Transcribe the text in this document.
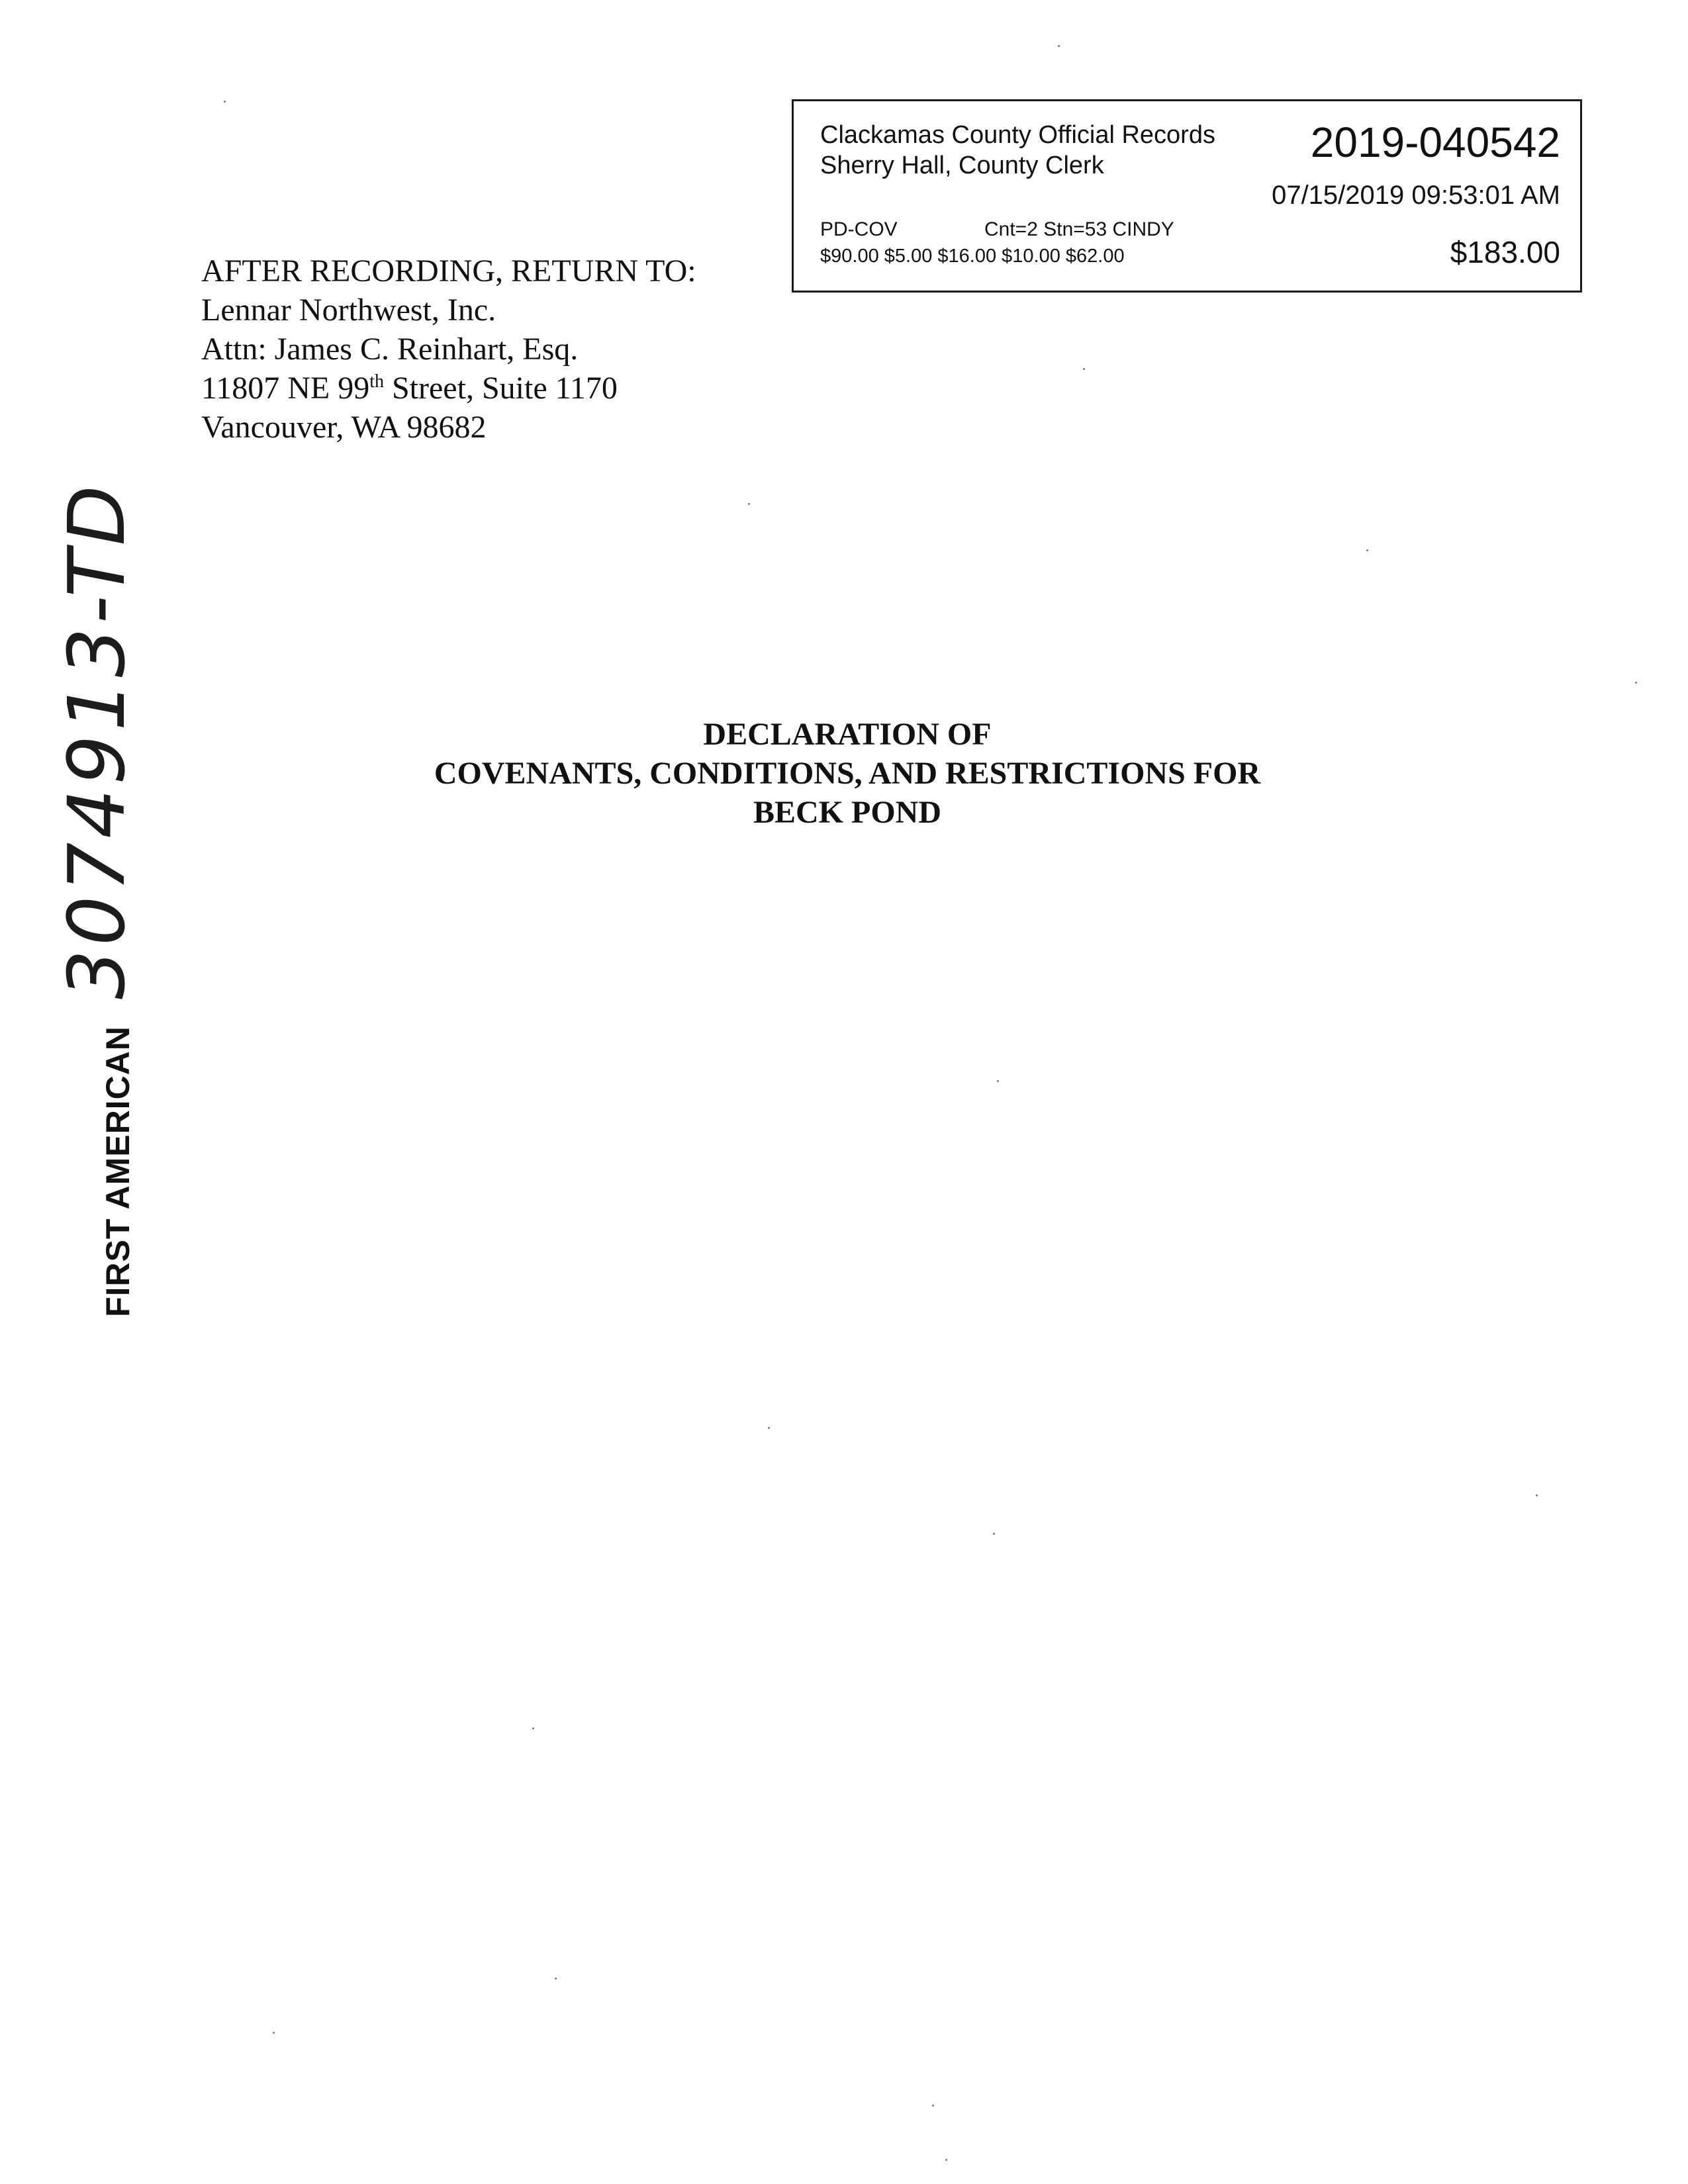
Clackamas County Official Records
Sherry Hall, County Clerk	2019-040542
07/15/2019 09:53:01 AM
PD-COV	Cnt=2 Stn=53 CINDY
$90.00 $5.00 $16.00 $10.00 $62.00	$183.00
AFTER RECORDING, RETURN TO:
Lennar Northwest, Inc.
Attn: James C. Reinhart, Esq.
11807 NE 99th Street, Suite 1170
Vancouver, WA 98682
DECLARATION OF
COVENANTS, CONDITIONS, AND RESTRICTIONS FOR
BECK POND
3074913-TD
FIRST AMERICAN
